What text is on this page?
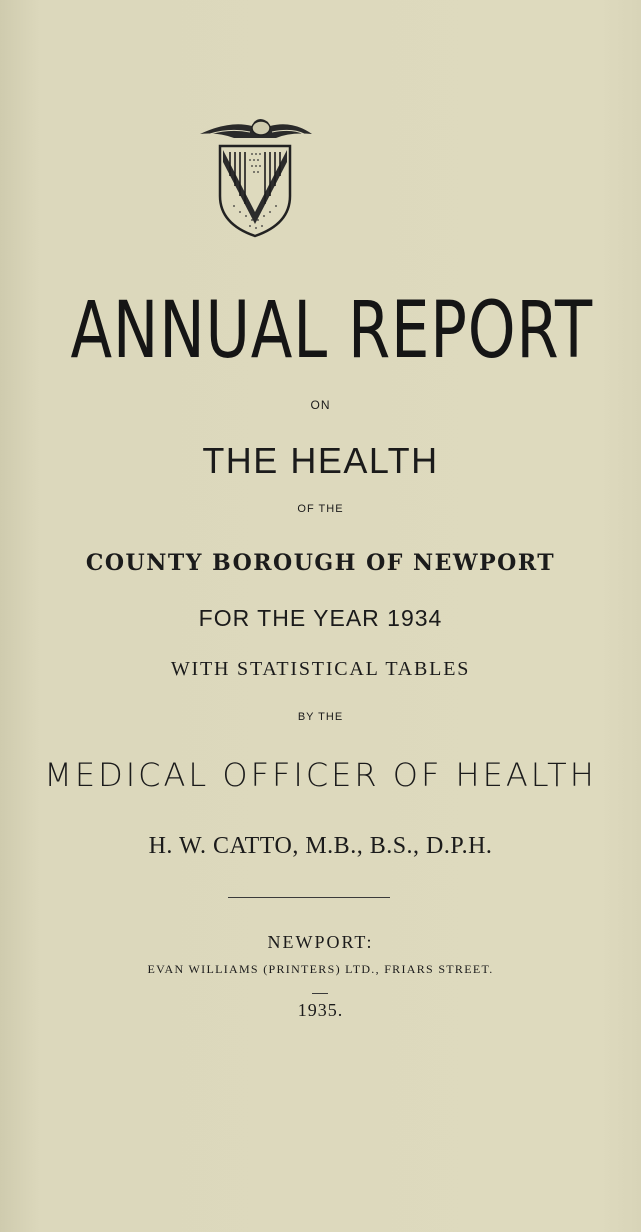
ANNUAL REPORT
ON
THE HEALTH
OF THE
COUNTY BOROUGH OF NEWPORT
FOR THE YEAR 1934
WITH STATISTICAL TABLES
BY THE
MEDICAL OFFICER OF HEALTH
H. W. CATTO, M.B., B.S., D.P.H.
NEWPORT:
EVAN WILLIAMS (PRINTERS) LTD., FRIARS STREET.
1935.
